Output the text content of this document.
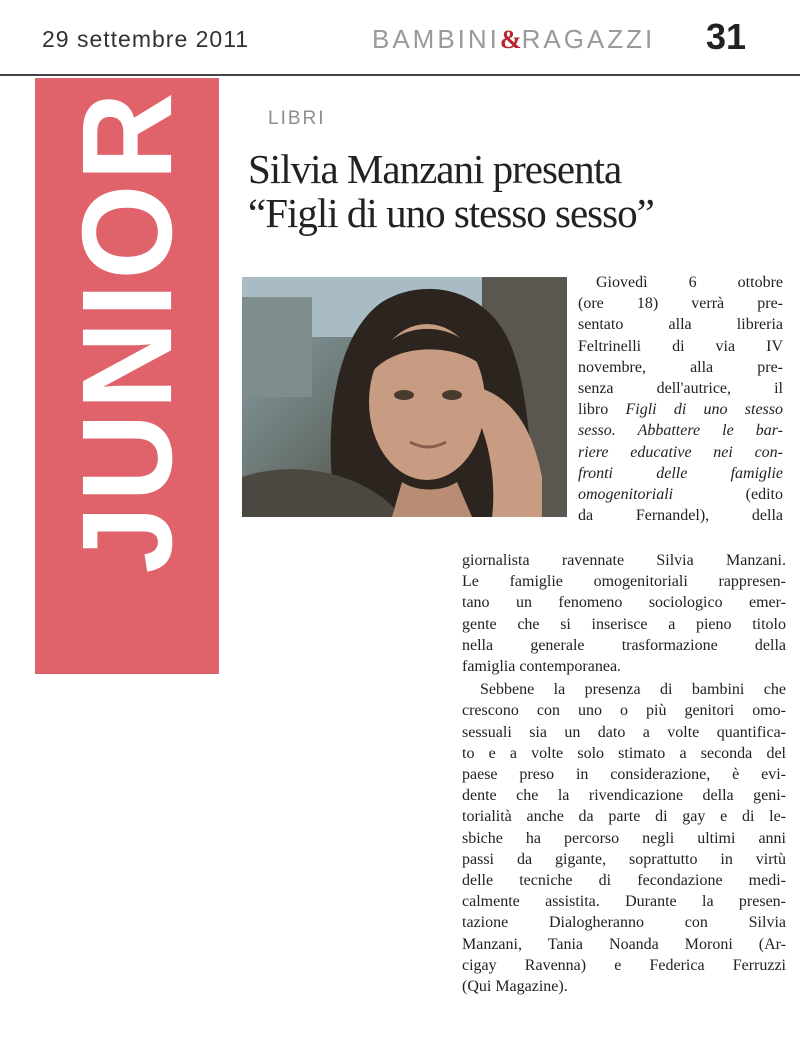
29 settembre 2011	BAMBINI&RAGAZZI 31
JUNIOR	LIBRI
Silvia Manzani presenta
“Figli di uno stesso sesso”
Giovedì 6 ottobre
(ore 18) verrà pre-
sentato alla libreria
Feltrinelli di via IV
novembre, alla pre-
senza dell'autrice, il
libro Figli di uno stesso
sesso. Abbattere le bar-
riere educative nei con-
fronti delle famiglie
omogenitoriali (edito
da Fernandel), della
giornalista ravennate Silvia Manzani.
Le famiglie omogenitoriali rappresen-
tano un fenomeno sociologico emer-
gente che si inserisce a pieno titolo
nella generale trasformazione della
famiglia contemporanea.
Sebbene la presenza di bambini che
crescono con uno o più genitori omo-
sessuali sia un dato a volte quantifica-
to e a volte solo stimato a seconda del
paese preso in considerazione, è evi-
dente che la rivendicazione della geni-
torialità anche da parte di gay e di le-
sbiche ha percorso negli ultimi anni
passi da gigante, soprattutto in virtù
delle tecniche di fecondazione medi-
calmente assistita. Durante la presen-
tazione Dialogheranno con Silvia
Manzani, Tania Noanda Moroni (Ar-
cigay Ravenna) e Federica Ferruzzi
(Qui Magazine).
